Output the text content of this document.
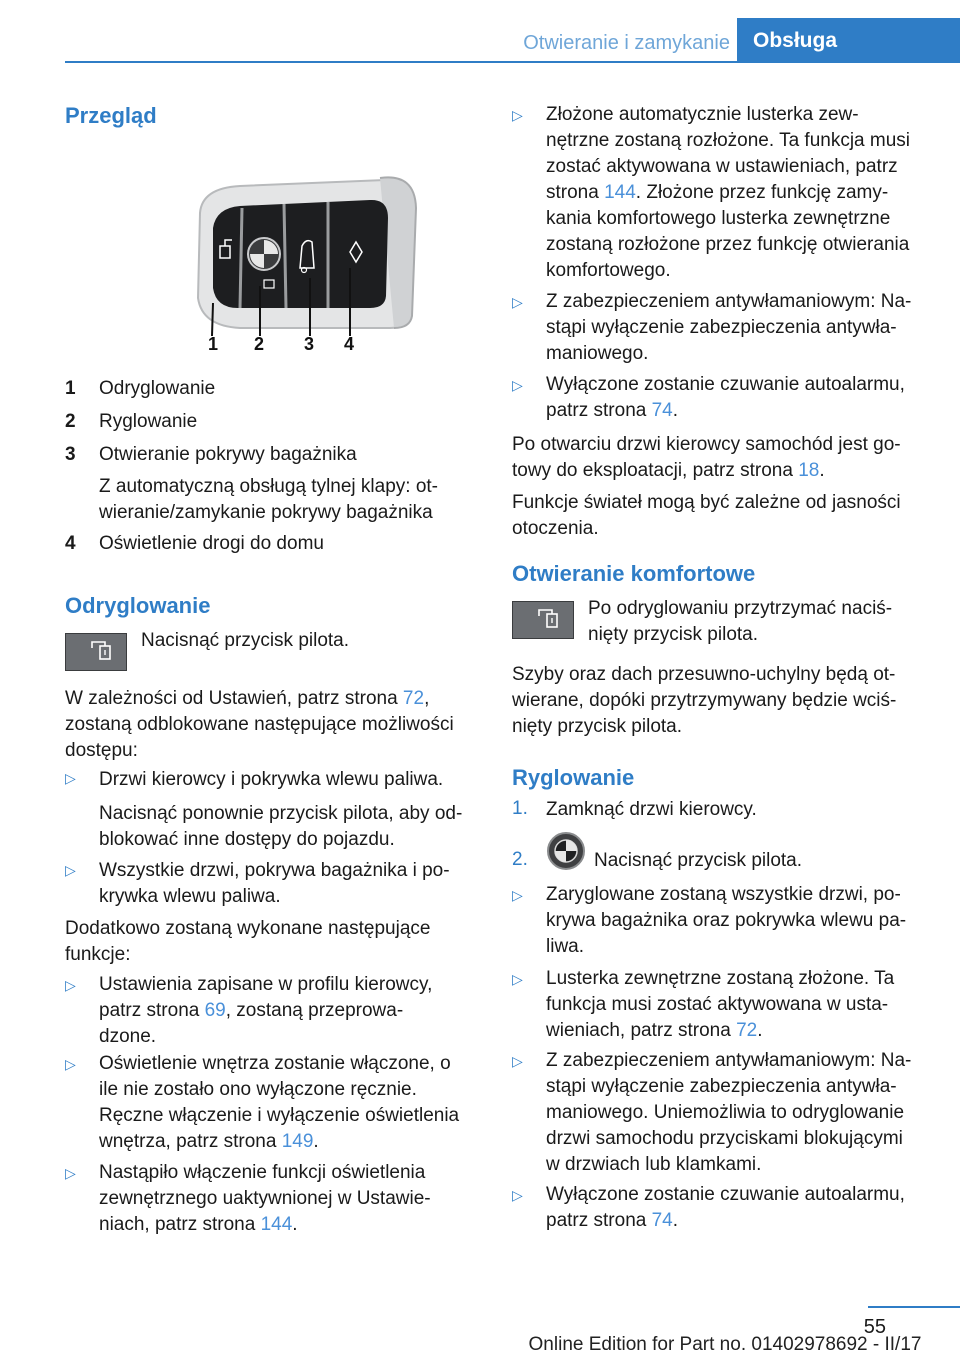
Otwieranie i zamykanie	Obsługa
Przegląd
1 2 3 4
1 Odryglowanie
2 Ryglowanie
3 Otwieranie pokrywy bagażnika
Z automatyczną obsługą tylnej klapy: ot-
wieranie/zamykanie pokrywy bagażnika
4 Oświetlenie drogi do domu
Odryglowanie
Nacisnąć przycisk pilota.
W zależności od Ustawień, patrz strona 72,
zostaną odblokowane następujące możliwości
dostępu:
▷ Drzwi kierowcy i pokrywka wlewu paliwa.
Nacisnąć ponownie przycisk pilota, aby od-
blokować inne dostępy do pojazdu.
▷ Wszystkie drzwi, pokrywa bagażnika i po-
krywka wlewu paliwa.
Dodatkowo zostaną wykonane następujące
funkcje:
▷ Ustawienia zapisane w profilu kierowcy,
patrz strona 69, zostaną przeprowa-
dzone.
▷ Oświetlenie wnętrza zostanie włączone, o
ile nie zostało ono wyłączone ręcznie.
Ręczne włączenie i wyłączenie oświetlenia
wnętrza, patrz strona 149.
▷ Nastąpiło włączenie funkcji oświetlenia
zewnętrznego uaktywnionej w Ustawie-
niach, patrz strona 144.
▷ Złożone automatycznie lusterka zew-
nętrzne zostaną rozłożone. Ta funkcja musi
zostać aktywowana w ustawieniach, patrz
strona 144. Złożone przez funkcję zamy-
kania komfortowego lusterka zewnętrzne
zostaną rozłożone przez funkcję otwierania
komfortowego.
▷ Z zabezpieczeniem antywłamaniowym: Na-
stąpi wyłączenie zabezpieczenia antywła-
maniowego.
▷ Wyłączone zostanie czuwanie autoalarmu,
patrz strona 74.
Po otwarciu drzwi kierowcy samochód jest go-
towy do eksploatacji, patrz strona 18.
Funkcje świateł mogą być zależne od jasności
otoczenia.
Otwieranie komfortowe
Po odryglowaniu przytrzymać naciś-
nięty przycisk pilota.
Szyby oraz dach przesuwno-uchylny będą ot-
wierane, dopóki przytrzymywany będzie wciś-
nięty przycisk pilota.
Ryglowanie
1. Zamknąć drzwi kierowcy.
2.	Nacisnąć przycisk pilota.
▷ Zaryglowane zostaną wszystkie drzwi, po-
krywa bagażnika oraz pokrywka wlewu pa-
liwa.
▷ Lusterka zewnętrzne zostaną złożone. Ta
funkcja musi zostać aktywowana w usta-
wieniach, patrz strona 72.
▷ Z zabezpieczeniem antywłamaniowym: Na-
stąpi wyłączenie zabezpieczenia antywła-
maniowego. Uniemożliwia to odryglowanie
drzwi samochodu przyciskami blokującymi
w drzwiach lub klamkami.
▷ Wyłączone zostanie czuwanie autoalarmu,
patrz strona 74.
55
Online Edition for Part no. 01402978692 - II/17
